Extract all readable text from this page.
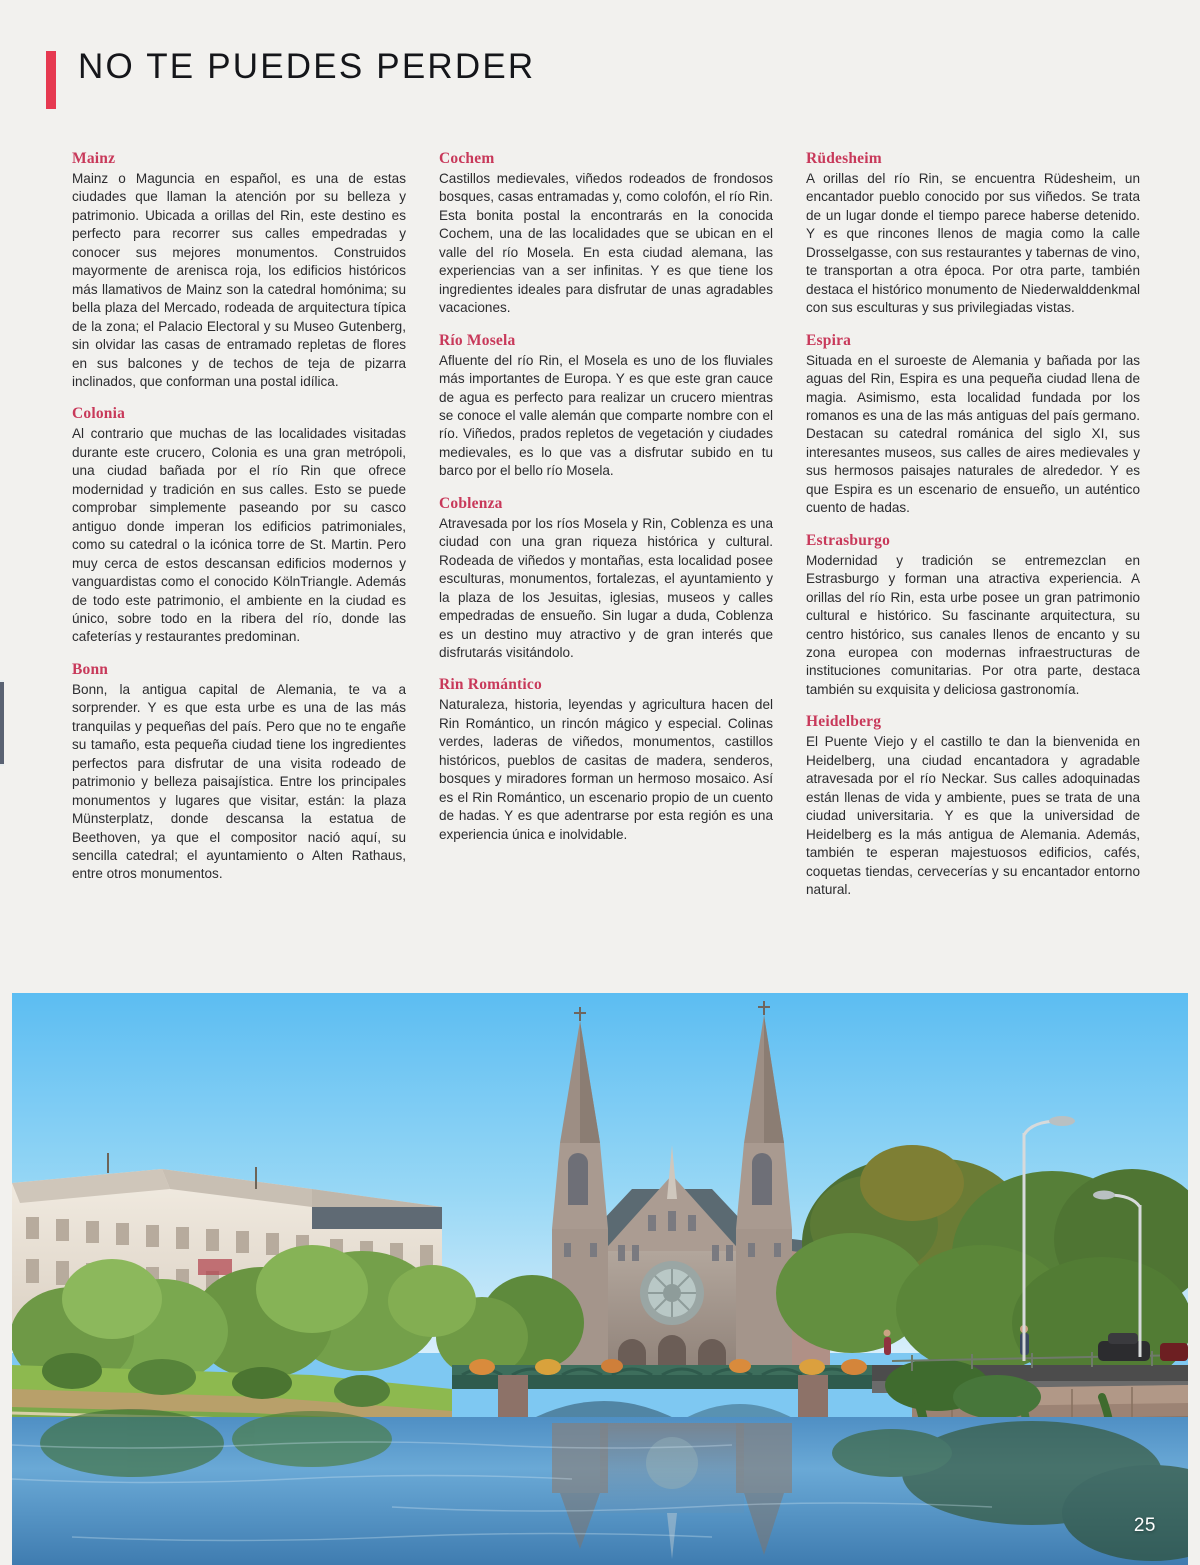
NO TE PUEDES PERDER
Mainz

Mainz o Maguncia en español, es una de estas ciudades que llaman la atención por su belleza y patrimonio. Ubicada a orillas del Rin, este destino es perfecto para recorrer sus calles empedradas y conocer sus mejores monumentos. Construidos mayormente de arenisca roja, los edificios históricos más llamativos de Mainz son la catedral homónima; su bella plaza del Mercado, rodeada de arquitectura típica de la zona; el Palacio Electoral y su Museo Gutenberg, sin olvidar las casas de entramado repletas de flores en sus balcones y de techos de teja de pizarra inclinados, que conforman una postal idílica.

Colonia

Al contrario que muchas de las localidades visitadas durante este crucero, Colonia es una gran metrópoli, una ciudad bañada por el río Rin que ofrece modernidad y tradición en sus calles. Esto se puede comprobar simplemente paseando por su casco antiguo donde imperan los edificios patrimoniales, como su catedral o la icónica torre de St. Martin. Pero muy cerca de estos descansan edificios modernos y vanguardistas como el conocido KölnTriangle. Además de todo este patrimonio, el ambiente en la ciudad es único, sobre todo en la ribera del río, donde las cafeterías y restaurantes predominan.

Bonn

Bonn, la antigua capital de Alemania, te va a sorprender. Y es que esta urbe es una de las más tranquilas y pequeñas del país. Pero que no te engañe su tamaño, esta pequeña ciudad tiene los ingredientes perfectos para disfrutar de una visita rodeado de patrimonio y belleza paisajística. Entre los principales monumentos y lugares que visitar, están: la plaza Münsterplatz, donde descansa la estatua de Beethoven, ya que el compositor nació aquí, su sencilla catedral; el ayuntamiento o Alten Rathaus, entre otros monumentos.

Cochem

Castillos medievales, viñedos rodeados de frondosos bosques, casas entramadas y, como colofón, el río Rin. Esta bonita postal la encontrarás en la conocida Cochem, una de las localidades que se ubican en el valle del río Mosela. En esta ciudad alemana, las experiencias van a ser infinitas. Y es que tiene los ingredientes ideales para disfrutar de unas agradables vacaciones.

Río Mosela

Afluente del río Rin, el Mosela es uno de los fluviales más importantes de Europa. Y es que este gran cauce de agua es perfecto para realizar un crucero mientras se conoce el valle alemán que comparte nombre con el río. Viñedos, prados repletos de vegetación y ciudades medievales, es lo que vas a disfrutar subido en tu barco por el bello río Mosela.

Coblenza

Atravesada por los ríos Mosela y Rin, Coblenza es una ciudad con una gran riqueza histórica y cultural. Rodeada de viñedos y montañas, esta localidad posee esculturas, monumentos, fortalezas, el ayuntamiento y la plaza de los Jesuitas, iglesias, museos y calles empedradas de ensueño. Sin lugar a duda, Coblenza es un destino muy atractivo y de gran interés que disfrutarás visitándolo.

Rin Romántico

Naturaleza, historia, leyendas y agricultura hacen del Rin Romántico, un rincón mágico y especial. Colinas verdes, laderas de viñedos, monumentos, castillos históricos, pueblos de casitas de madera, senderos, bosques y miradores forman un hermoso mosaico. Así es el Rin Romántico, un escenario propio de un cuento de hadas. Y es que adentrarse por esta región es una experiencia única e inolvidable.

Rüdesheim

A orillas del río Rin, se encuentra Rüdesheim, un encantador pueblo conocido por sus viñedos. Se trata de un lugar donde el tiempo parece haberse detenido. Y es que rincones llenos de magia como la calle Drosselgasse, con sus restaurantes y tabernas de vino, te transportan a otra época. Por otra parte, también destaca el histórico monumento de Niederwalddenkmal con sus esculturas y sus privilegiadas vistas.

Espira

Situada en el suroeste de Alemania y bañada por las aguas del Rin, Espira es una pequeña ciudad llena de magia. Asimismo, esta localidad fundada por los romanos es una de las más antiguas del país germano. Destacan su catedral románica del siglo XI, sus interesantes museos, sus calles de aires medievales y sus hermosos paisajes naturales de alrededor. Y es que Espira es un escenario de ensueño, un auténtico cuento de hadas.

Estrasburgo

Modernidad y tradición se entremezclan en Estrasburgo y forman una atractiva experiencia. A orillas del río Rin, esta urbe posee un gran patrimonio cultural e histórico. Su fascinante arquitectura, su centro histórico, sus canales llenos de encanto y su zona europea con modernas infraestructuras de instituciones comunitarias. Por otra parte, destaca también su exquisita y deliciosa gastronomía.

Heidelberg

El Puente Viejo y el castillo te dan la bienvenida en Heidelberg, una ciudad encantadora y agradable atravesada por el río Neckar. Sus calles adoquinadas están llenas de vida y ambiente, pues se trata de una ciudad universitaria. Y es que la universidad de Heidelberg es la más antigua de Alemania. Además, también te esperan majestuosos edificios, cafés, coquetas tiendas, cervecerías y su encantador entorno natural.

25
